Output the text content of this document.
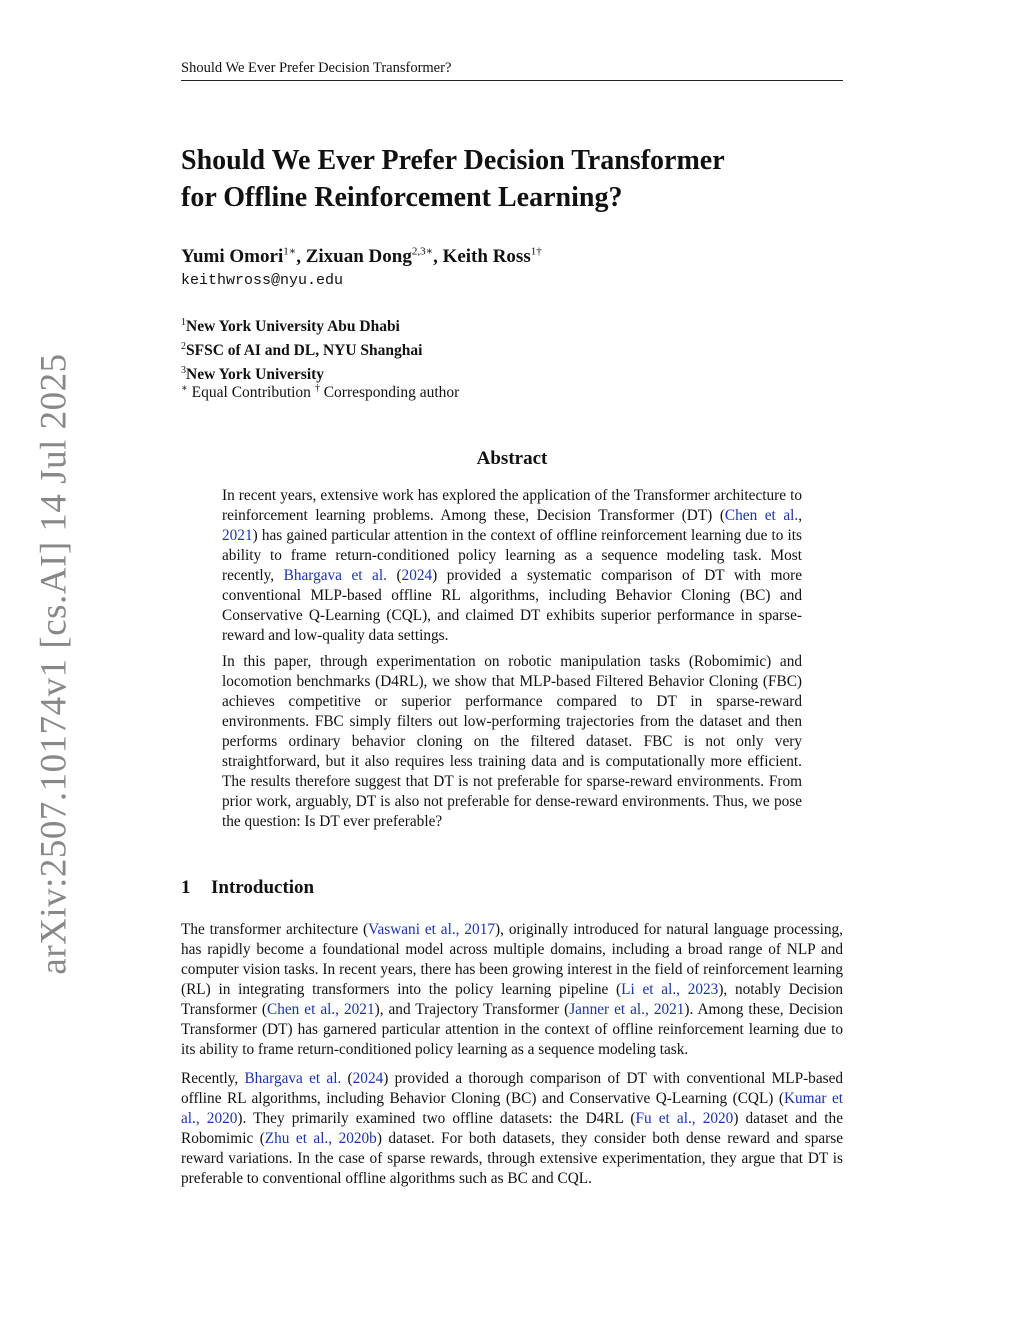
Should We Ever Prefer Decision Transformer?
arXiv:2507.10174v1 [cs.AI] 14 Jul 2025
Should We Ever Prefer Decision Transformer
for Offline Reinforcement Learning?

Yumi Omori$^{1∗}$, Zixuan Dong$^{2,3∗}$, Keith Ross$^{1\dagger}$

keithwross@nyu.edu

$^1$New York University Abu Dhabi
$^2$SFSC of AI and DL, NYU Shanghai
$^3$New York University

∗ Equal Contribution † Corresponding author

Abstract

In recent years, extensive work has explored the application of the Transformer architecture to reinforcement learning problems. Among these, Decision Transformer (DT) (Chen et al., 2021) has gained particular attention in the context of offline reinforcement learning due to its ability to frame return-conditioned policy learning as a sequence modeling task. Most recently, Bhargava et al. (2024) provided a systematic comparison of DT with more conventional MLP-based offline RL algorithms, including Behavior Cloning (BC) and Conservative Q-Learning (CQL), and claimed DT exhibits superior performance in sparse-reward and low-quality data settings.

In this paper, through experimentation on robotic manipulation tasks (Robomimic) and locomotion benchmarks (D4RL), we show that MLP-based Filtered Behavior Cloning (FBC) achieves competitive or superior performance compared to DT in sparse-reward environments. FBC simply filters out low-performing trajectories from the dataset and then performs ordinary behavior cloning on the filtered dataset. FBC is not only very straightforward, but it also requires less training data and is computationally more efficient. The results therefore suggest that DT is not preferable for sparse-reward environments. From prior work, arguably, DT is also not preferable for dense-reward environments. Thus, we pose the question: Is DT ever preferable?

1 Introduction

The transformer architecture (Vaswani et al., 2017), originally introduced for natural language processing, has rapidly become a foundational model across multiple domains, including a broad range of NLP and computer vision tasks. In recent years, there has been growing interest in the field of reinforcement learning (RL) in integrating transformers into the policy learning pipeline (Li et al., 2023), notably Decision Transformer (Chen et al., 2021), and Trajectory Transformer (Janner et al., 2021). Among these, Decision Transformer (DT) has garnered particular attention in the context of offline reinforcement learning due to its ability to frame return-conditioned policy learning as a sequence modeling task.

Recently, Bhargava et al. (2024) provided a thorough comparison of DT with conventional MLP-based offline RL algorithms, including Behavior Cloning (BC) and Conservative Q-Learning (CQL) (Kumar et al., 2020). They primarily examined two offline datasets: the D4RL (Fu et al., 2020) dataset and the Robomimic (Zhu et al., 2020b) dataset. For both datasets, they consider both dense reward and sparse reward variations. In the case of sparse rewards, through extensive experimentation, they argue that DT is preferable to conventional offline algorithms such as BC and CQL.
